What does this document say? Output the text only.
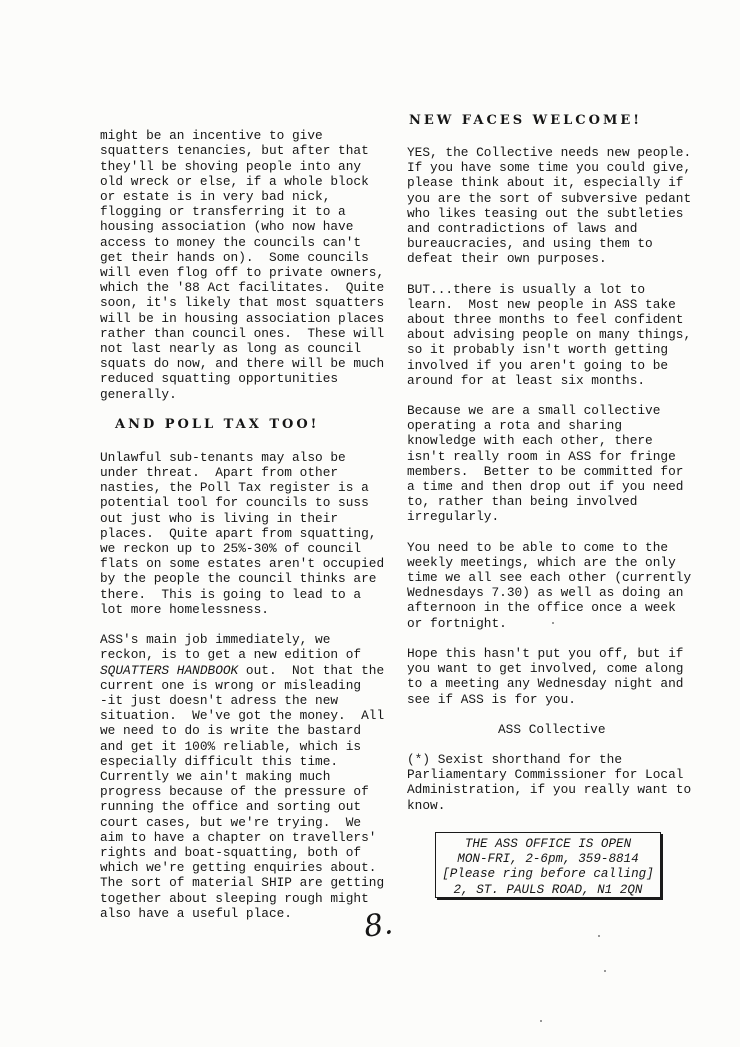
might be an incentive to give
squatters tenancies, but after that
they'll be shoving people into any
old wreck or else, if a whole block
or estate is in very bad nick,
flogging or transferring it to a
housing association (who now have
access to money the councils can't
get their hands on).  Some councils
will even flog off to private owners,
which the '88 Act facilitates.  Quite
soon, it's likely that most squatters
will be in housing association places
rather than council ones.  These will
not last nearly as long as council
squats do now, and there will be much
reduced squatting opportunities
generally.

AND POLL TAX TOO!

Unlawful sub-tenants may also be
under threat.  Apart from other
nasties, the Poll Tax register is a
potential tool for councils to suss
out just who is living in their
places.  Quite apart from squatting,
we reckon up to 25%-30% of council
flats on some estates aren't occupied
by the people the council thinks are
there.  This is going to lead to a
lot more homelessness.

ASS's main job immediately, we
reckon, is to get a new edition of
SQUATTERS HANDBOOK out.  Not that the
current one is wrong or misleading
-it just doesn't adress the new
situation.  We've got the money.  All
we need to do is write the bastard
and get it 100% reliable, which is
especially difficult this time.
Currently we ain't making much
progress because of the pressure of
running the office and sorting out
court cases, but we're trying.  We
aim to have a chapter on travellers'
rights and boat-squatting, both of
which we're getting enquiries about.
The sort of material SHIP are getting
together about sleeping rough might
also have a useful place.

NEW FACES WELCOME!

YES, the Collective needs new people.
If you have some time you could give,
please think about it, especially if
you are the sort of subversive pedant
who likes teasing out the subtleties
and contradictions of laws and
bureaucracies, and using them to
defeat their own purposes.

BUT...there is usually a lot to
learn.  Most new people in ASS take
about three months to feel confident
about advising people on many things,
so it probably isn't worth getting
involved if you aren't going to be
around for at least six months.

Because we are a small collective
operating a rota and sharing
knowledge with each other, there
isn't really room in ASS for fringe
members.  Better to be committed for
a time and then drop out if you need
to, rather than being involved
irregularly.

You need to be able to come to the
weekly meetings, which are the only
time we all see each other (currently
Wednesdays 7.30) as well as doing an
afternoon in the office once a week
or fortnight.

Hope this hasn't put you off, but if
you want to get involved, come along
to a meeting any Wednesday night and
see if ASS is for you.

ASS Collective

(*) Sexist shorthand for the
Parliamentary Commissioner for Local
Administration, if you really want to
know.

THE ASS OFFICE IS OPEN
MON-FRI, 2-6pm, 359-8814
[Please ring before calling]
2, ST. PAULS ROAD, N1 2QN
8.
